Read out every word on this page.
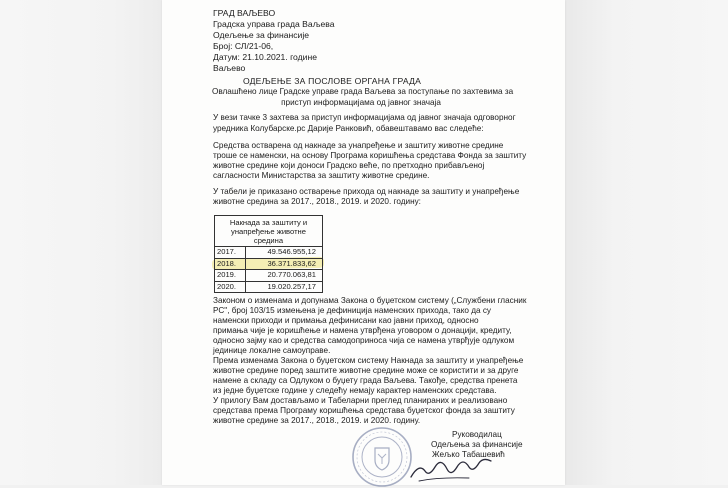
ГРАД ВАЉЕВО
Градска управа града Ваљева
Одељење за финансије
Број: СЛ/21-06,
Датум: 21.10.2021. године
Ваљево
ОДЕЉЕЊЕ ЗА ПОСЛОВЕ ОРГАНА ГРАДА
Овлашћено лице Градске управе града Ваљева за поступање по захтевима за
приступ информацијама од јавног значаја
У вези тачке 3 захтева за приступ информацијама од јавног значаја одговорног
уредника Колубарске.рс Дарије Ранковић, обавештавамо вас следеће:
Средства остварена од накнаде за унапређење и заштиту животне средине
троше се наменски, на основу Програма коришћења средстава Фонда за заштиту
животне средине који доноси Градско веће, по претходно прибављеној
сагласности Министарства за заштиту животне средине.
У табели је приказано остварење прихода од накнаде за заштиту и унапређење
животне средина за 2017., 2018., 2019. и 2020. годину:
Накнада за заштиту и
унапређење животне
средина	

2017.	49.546.955,12
2018.	36.371.833,62
2019.	20.770.063,81
2020.	19.020.257,17
Законом о изменама и допунама Закона о буџетском систему („Службени гласник
РС", број 103/15 измењена је дефиниција наменских прихода, тако да су
наменски приходи и примања дефинисани као јавни приход, односно
примања чије је коришћење и намена утврђена уговором о донацији, кредиту,
односно зајму као и средства самодоприноса чија се намена утврђује одлуком
јединице локалне самоуправе.
Према изменама Закона о буџетском систему Накнада за заштиту и унапређење
животне средине поред заштите животне средине може се користити и за друге
намене а складу са Одлуком о буџету града Ваљева. Такође, средства пренета
из једне буџетске године у следећу немају карактер наменских средстава.
У прилогу Вам достављамо и Табеларни преглед планираних и реализовано
средстава према Програму коришћења средстава буџетског фонда за заштиту
животне средине за 2017., 2018., 2019. и 2020. годину.
Руководилац
Одељења за финансије
Жељко Табашевић
